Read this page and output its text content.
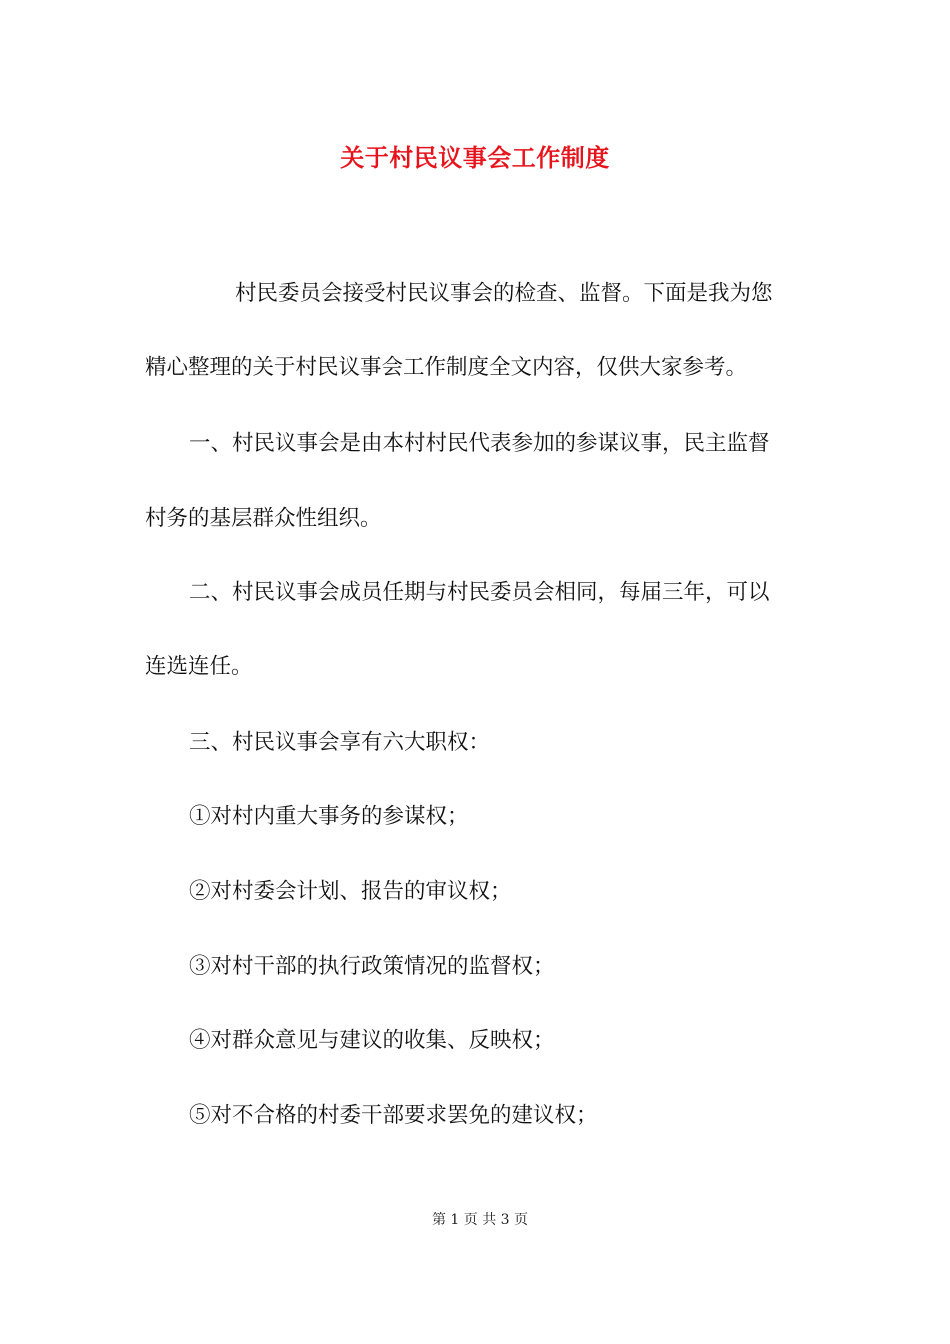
关于村民议事会工作制度
村民委员会接受村民议事会的检查、监督。下面是我为您
精心整理的关于村民议事会工作制度全文内容，仅供大家参考。
一、村民议事会是由本村村民代表参加的参谋议事，民主监督
村务的基层群众性组织。
二、村民议事会成员任期与村民委员会相同，每届三年，可以
连选连任。
三、村民议事会享有六大职权：
①对村内重大事务的参谋权；
②对村委会计划、报告的审议权；
③对村干部的执行政策情况的监督权；
④对群众意见与建议的收集、反映权；
⑤对不合格的村委干部要求罢免的建议权；
第 1 页 共 3 页
